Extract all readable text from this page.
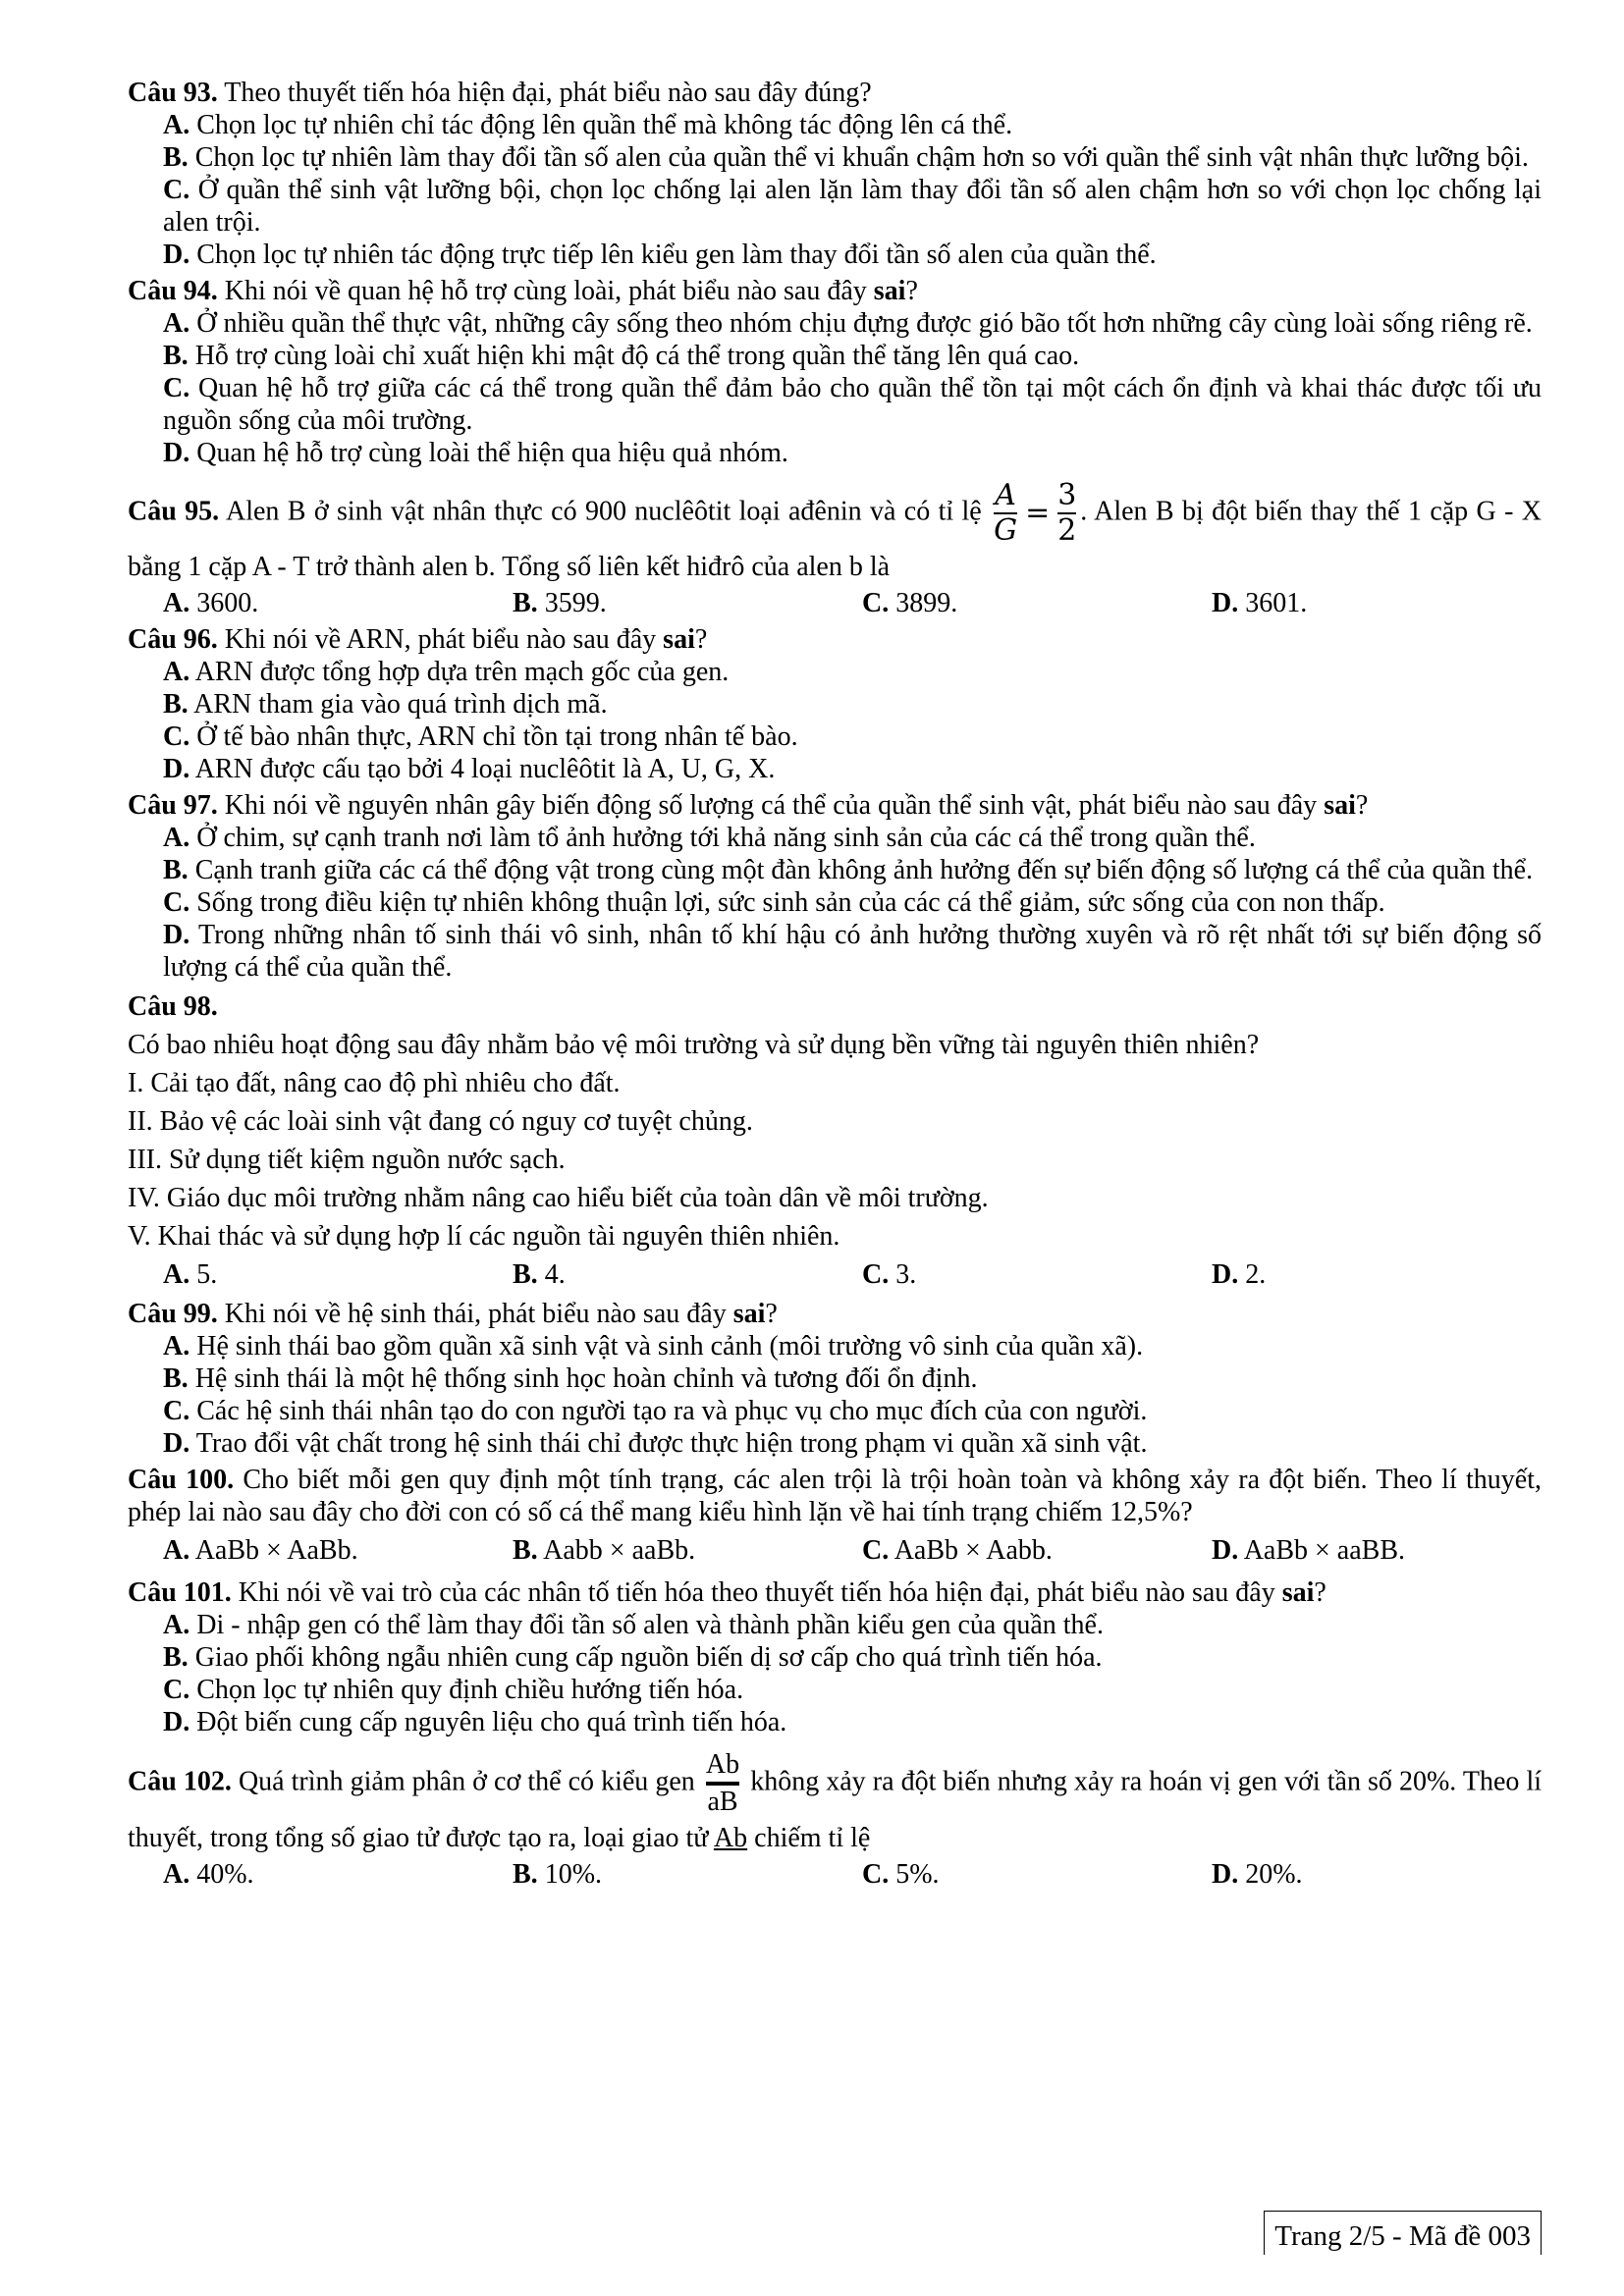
Câu 93. Theo thuyết tiến hóa hiện đại, phát biểu nào sau đây đúng?

A. Chọn lọc tự nhiên chỉ tác động lên quần thể mà không tác động lên cá thể.

B. Chọn lọc tự nhiên làm thay đổi tần số alen của quần thể vi khuẩn chậm hơn so với quần thể sinh vật nhân thực lưỡng bội.

C. Ở quần thể sinh vật lưỡng bội, chọn lọc chống lại alen lặn làm thay đổi tần số alen chậm hơn so với chọn lọc chống lại alen trội.

D. Chọn lọc tự nhiên tác động trực tiếp lên kiểu gen làm thay đổi tần số alen của quần thể.

Câu 94. Khi nói về quan hệ hỗ trợ cùng loài, phát biểu nào sau đây sai?

A. Ở nhiều quần thể thực vật, những cây sống theo nhóm chịu đựng được gió bão tốt hơn những cây cùng loài sống riêng rẽ.

B. Hỗ trợ cùng loài chỉ xuất hiện khi mật độ cá thể trong quần thể tăng lên quá cao.

C. Quan hệ hỗ trợ giữa các cá thể trong quần thể đảm bảo cho quần thể tồn tại một cách ổn định và khai thác được tối ưu nguồn sống của môi trường.

D. Quan hệ hỗ trợ cùng loài thể hiện qua hiệu quả nhóm.

Câu 95. Alen B ở sinh vật nhân thực có 900 nuclêôtit loại ađênin và có tỉ lệ $\frac{A}{G} = \frac{3}{2}$ . Alen B bị đột biến thay thế 1 cặp G - X bằng 1 cặp A - T trở thành alen b. Tổng số liên kết hiđrô của alen b là

A. 3600.	B. 3599.	C. 3899.	D. 3601.

Câu 96. Khi nói về ARN, phát biểu nào sau đây sai?

A. ARN được tổng hợp dựa trên mạch gốc của gen.

B. ARN tham gia vào quá trình dịch mã.

C. Ở tế bào nhân thực, ARN chỉ tồn tại trong nhân tế bào.

D. ARN được cấu tạo bởi 4 loại nuclêôtit là A, U, G, X.

Câu 97. Khi nói về nguyên nhân gây biến động số lượng cá thể của quần thể sinh vật, phát biểu nào sau đây sai?

A. Ở chim, sự cạnh tranh nơi làm tổ ảnh hưởng tới khả năng sinh sản của các cá thể trong quần thể.

B. Cạnh tranh giữa các cá thể động vật trong cùng một đàn không ảnh hưởng đến sự biến động số lượng cá thể của quần thể.

C. Sống trong điều kiện tự nhiên không thuận lợi, sức sinh sản của các cá thể giảm, sức sống của con non thấp.

D. Trong những nhân tố sinh thái vô sinh, nhân tố khí hậu có ảnh hưởng thường xuyên và rõ rệt nhất tới sự biến động số lượng cá thể của quần thể.

Câu 98.

Có bao nhiêu hoạt động sau đây nhằm bảo vệ môi trường và sử dụng bền vững tài nguyên thiên nhiên?

I. Cải tạo đất, nâng cao độ phì nhiêu cho đất.

II. Bảo vệ các loài sinh vật đang có nguy cơ tuyệt chủng.

III. Sử dụng tiết kiệm nguồn nước sạch.

IV. Giáo dục môi trường nhằm nâng cao hiểu biết của toàn dân về môi trường.

V. Khai thác và sử dụng hợp lí các nguồn tài nguyên thiên nhiên.

A. 5.	B. 4.	C. 3.	D. 2.

Câu 99. Khi nói về hệ sinh thái, phát biểu nào sau đây sai?

A. Hệ sinh thái bao gồm quần xã sinh vật và sinh cảnh (môi trường vô sinh của quần xã).

B. Hệ sinh thái là một hệ thống sinh học hoàn chỉnh và tương đối ổn định.

C. Các hệ sinh thái nhân tạo do con người tạo ra và phục vụ cho mục đích của con người.

D. Trao đổi vật chất trong hệ sinh thái chỉ được thực hiện trong phạm vi quần xã sinh vật.

Câu 100. Cho biết mỗi gen quy định một tính trạng, các alen trội là trội hoàn toàn và không xảy ra đột biến. Theo lí thuyết, phép lai nào sau đây cho đời con có số cá thể mang kiểu hình lặn về hai tính trạng chiếm 12,5%?

A. AaBb × AaBb.	B. Aabb × aaBb.	C. AaBb × Aabb.	D. AaBb × aaBB.

Câu 101. Khi nói về vai trò của các nhân tố tiến hóa theo thuyết tiến hóa hiện đại, phát biểu nào sau đây sai?

A. Di - nhập gen có thể làm thay đổi tần số alen và thành phần kiểu gen của quần thể.

B. Giao phối không ngẫu nhiên cung cấp nguồn biến dị sơ cấp cho quá trình tiến hóa.

C. Chọn lọc tự nhiên quy định chiều hướng tiến hóa.

D. Đột biến cung cấp nguyên liệu cho quá trình tiến hóa.

Câu 102. Quá trình giảm phân ở cơ thể có kiểu gen $\frac{Ab}{aB}$ không xảy ra đột biến nhưng xảy ra hoán vị gen với tần số 20%. Theo lí thuyết, trong tổng số giao tử được tạo ra, loại giao tử Ab chiếm tỉ lệ

A. 40%.	B. 10%.	C. 5%.	D. 20%.

Trang 2/5 - Mã đề 003
